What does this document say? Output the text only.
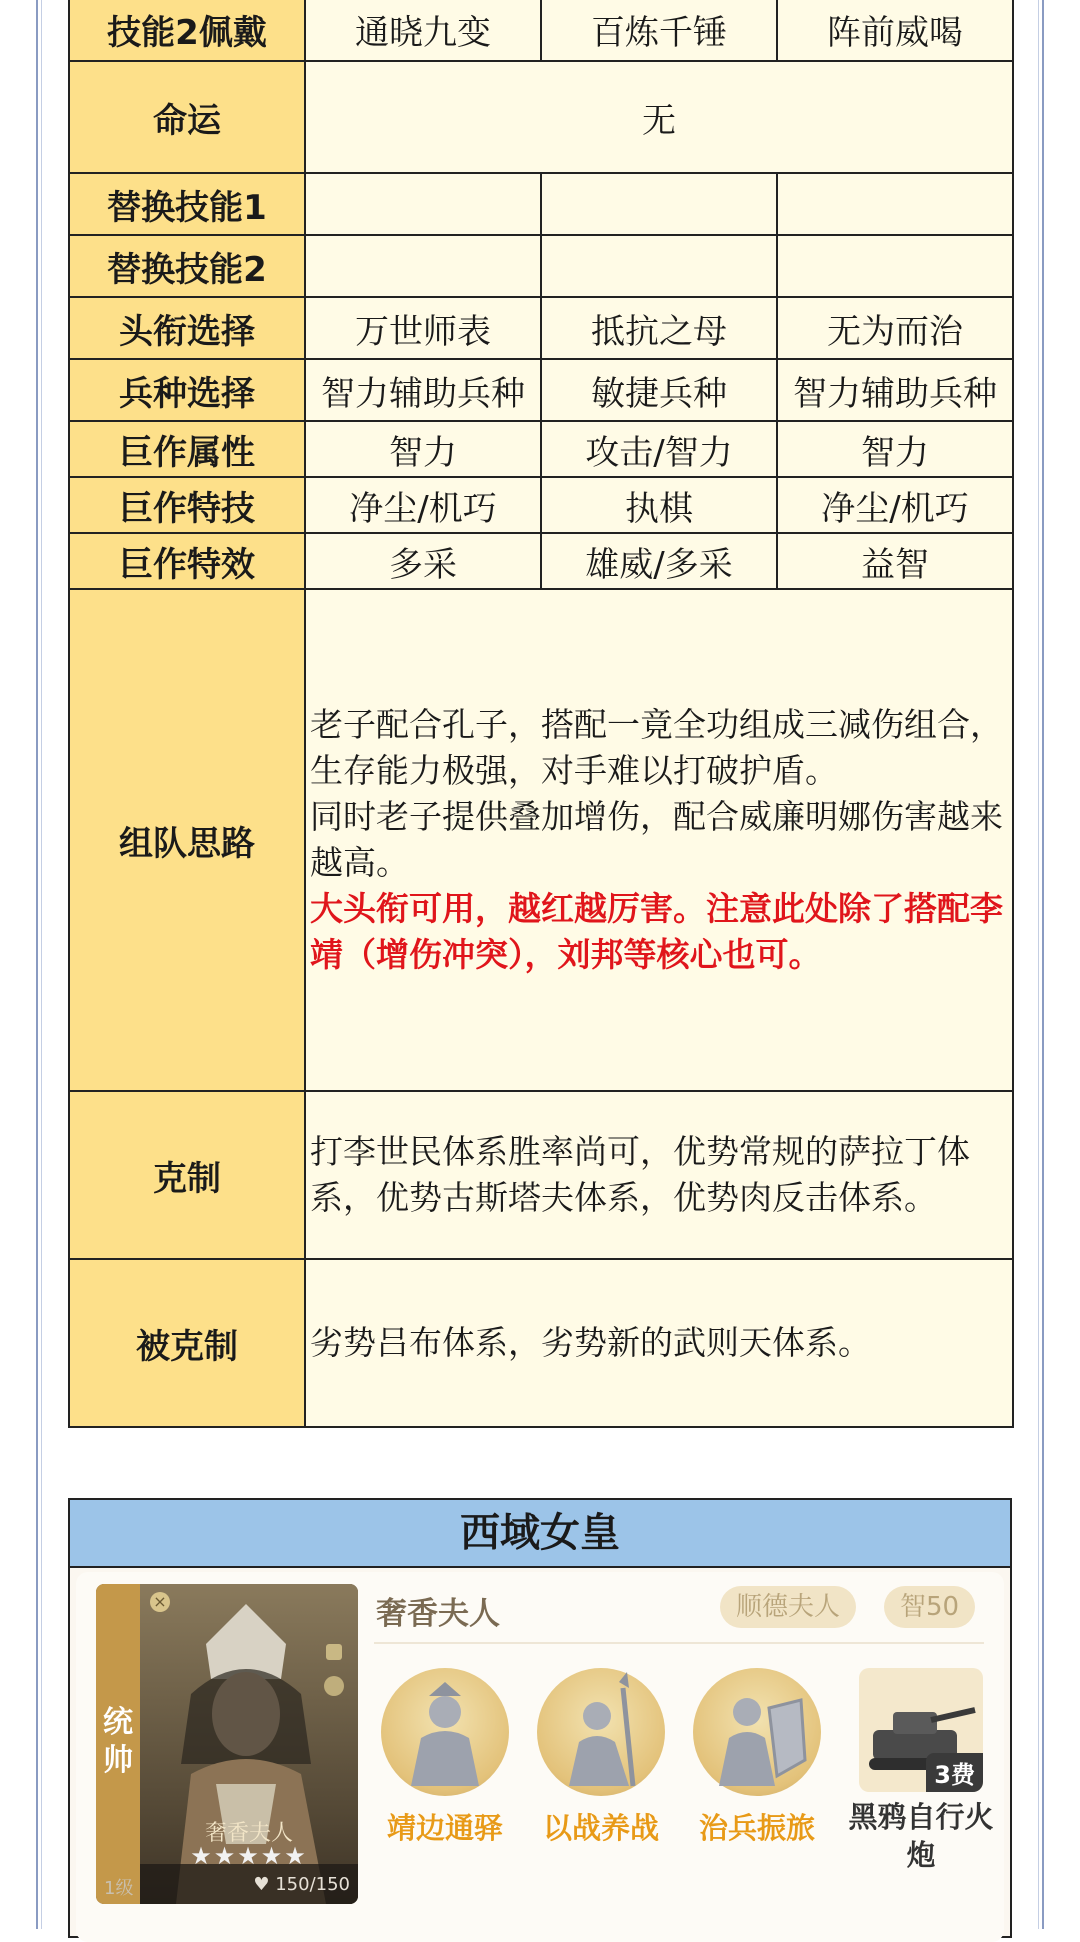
技能2佩戴	通晓九变	百炼千锤	阵前威喝
命运	无		
替换技能1			
替换技能2			
头衔选择	万世师表	抵抗之母	无为而治
兵种选择	智力辅助兵种	敏捷兵种	智力辅助兵种
巨作属性	智力	攻击/智力	智力
巨作特技	净尘/机巧	执棋	净尘/机巧
巨作特效	多采	雄威/多采	益智
组队思路	老子配合孔子，搭配一竟全功组成三减伤组合，生存能力极强，对手难以打破护盾。
同时老子提供叠加增伤，配合威廉明娜伤害越来越高。
大头衔可用，越红越厉害。注意此处除了搭配李靖（增伤冲突），刘邦等核心也可。		

克制	打李世民体系胜率尚可，优势常规的萨拉丁体系，优势古斯塔夫体系，优势肉反击体系。		
被克制	劣势吕布体系，劣势新的武则天体系。		
西域女皇
统帅
×
奢香夫人
★★★★★
1级	♥ 150/150
奢香夫人	顺德夫人	智50
靖边通驿	以战养战	治兵振旅
3费
黑鸦自行火炮
